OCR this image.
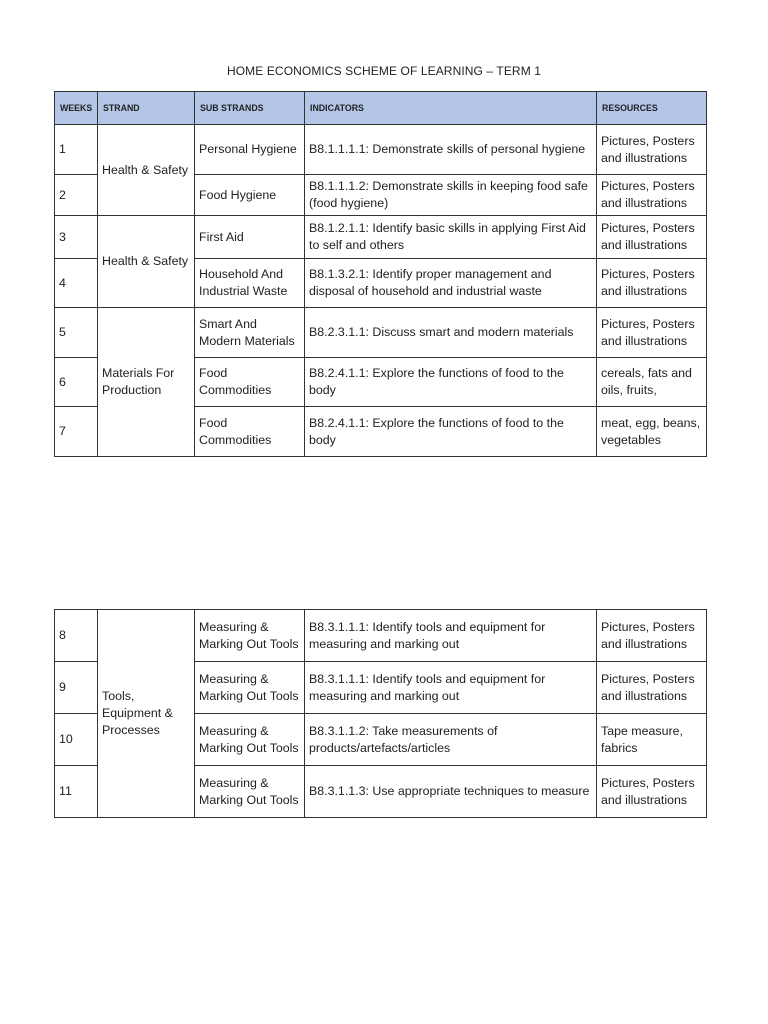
HOME ECONOMICS SCHEME OF LEARNING – TERM 1
WEEKS	STRAND	SUB STRANDS	INDICATORS	RESOURCES
1	Health & Safety	Personal Hygiene	B8.1.1.1.1: Demonstrate skills of personal hygiene	Pictures, Posters and illustrations
2		Food Hygiene	B8.1.1.1.2: Demonstrate skills in keeping food safe (food hygiene)	Pictures, Posters and illustrations
3	Health & Safety	First Aid	B8.1.2.1.1: Identify basic skills in applying First Aid to self and others	Pictures, Posters and illustrations
4		Household And Industrial Waste	B8.1.3.2.1: Identify proper management and disposal of household and industrial waste	Pictures, Posters and illustrations
5	Materials For Production	Smart And Modern Materials	B8.2.3.1.1: Discuss smart and modern materials	Pictures, Posters and illustrations
6		Food Commodities	B8.2.4.1.1: Explore the functions of food to the body	cereals, fats and oils, fruits,
7		Food Commodities	B8.2.4.1.1: Explore the functions of food to the body	meat, egg, beans, vegetables
8	Tools, Equipment & Processes	Measuring & Marking Out Tools	B8.3.1.1.1: Identify tools and equipment for measuring and marking out	Pictures, Posters and illustrations
9		Measuring & Marking Out Tools	B8.3.1.1.1: Identify tools and equipment for measuring and marking out	Pictures, Posters and illustrations
10		Measuring & Marking Out Tools	B8.3.1.1.2: Take measurements of products/artefacts/articles	Tape measure, fabrics
11		Measuring & Marking Out Tools	B8.3.1.1.3: Use appropriate techniques to measure	Pictures, Posters and illustrations
